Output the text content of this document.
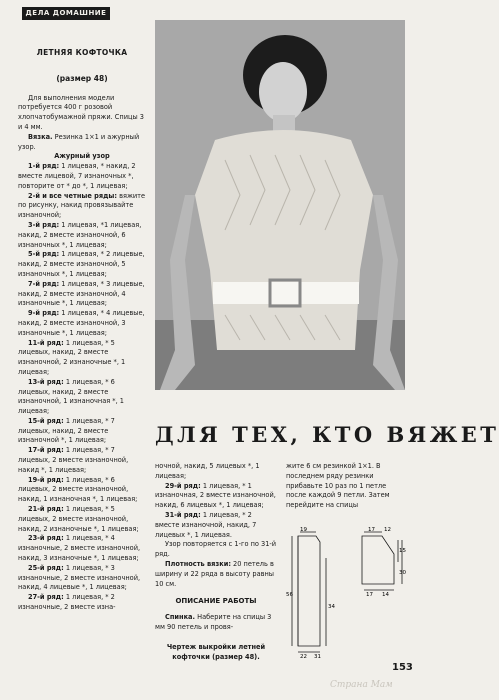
ДЕЛА ДОМАШНИЕ

ЛЕТНЯЯ КОФТОЧКА

(размер 48)

Для выполнения модели потребуется 400 г розовой хлопчатобумажной пряжи. Спицы 3 и 4 мм.

Вязка. Резинка 1×1 и ажурный узор.

Ажурный узор

1-й ряд: 1 лицевая, * накид, 2 вместе лицевой, 7 изнаночных *, повторите от * до *, 1 лицевая;

2-й и все четные ряды: вяжите по рисунку, накид провязывайте изнаночной;

3-й ряд: 1 лицевая, *1 лицевая, накид, 2 вместе изнаночной, 6 изнаночных *, 1 лицевая;

5-й ряд: 1 лицевая, * 2 лицевые, накид, 2 вместе изнаночной, 5 изнаночных *, 1 лицевая;

7-й ряд: 1 лицевая, * 3 лицевые, накид, 2 вместе изнаночной, 4 изнаночные *, 1 лицевая;

9-й ряд: 1 лицевая, * 4 лицевые, накид, 2 вместе изнаночной, 3 изнаночные *, 1 лицевая;

11-й ряд: 1 лицевая, * 5 лицевых, накид, 2 вместе изнаночной, 2 изнаночные *, 1 лицевая;

13-й ряд: 1 лицевая, * 6 лицевых, накид, 2 вместе изнаночной, 1 изнаночная *, 1 лицевая;

15-й ряд: 1 лицевая, * 7 лицевых, накид, 2 вместе изнаночной *, 1 лицевая;

17-й ряд: 1 лицевая, * 7 лицевых, 2 вместе изнаночной, накид *, 1 лицевая;

19-й ряд: 1 лицевая, * 6 лицевых, 2 вместе изнаночной, накид, 1 изнаночная *, 1 лицевая;

21-й ряд: 1 лицевая, * 5 лицевых, 2 вместе изнаночной, накид, 2 изнаночные *, 1 лицевая;

23-й ряд: 1 лицевая, * 4 изнаночные, 2 вместе изнаночной, накид, 3 изнаночные *, 1 лицевая;

25-й ряд: 1 лицевая, * 3 изнаночные, 2 вместе изнаночной, накид, 4 лицевые *, 1 лицевая;

27-й ряд: 1 лицевая, * 2 изнаночные, 2 вместе изна-

ДЛЯ ТЕХ, КТО ВЯЖЕТ

ночной, накид, 5 лицевых *, 1 лицевая;

29-й ряд: 1 лицевая, * 1 изнаночная, 2 вместе изнаночной, накид, 6 лицевых *, 1 лицевая;

31-й ряд: 1 лицевая, * 2 вместе изнаночной, накид, 7 лицевых *, 1 лицевая.

Узор повторяется с 1-го по 31-й ряд.

Плотность вязки: 20 петель в ширину и 22 ряда в высоту равны 10 см.

ОПИСАНИЕ РАБОТЫ

Спинка. Наберите на спицы 3 мм 90 петель и провя-

Чертеж выкройки летней кофточки (размер 48).

жите 6 см резинкой 1×1. В последнем ряду резинки прибавьте 10 раз по 1 петле после каждой 9 петли. Затем перейдите на спицы

19	17 12
15
30
56
34
22 31
17 14
153
Страна Мам
